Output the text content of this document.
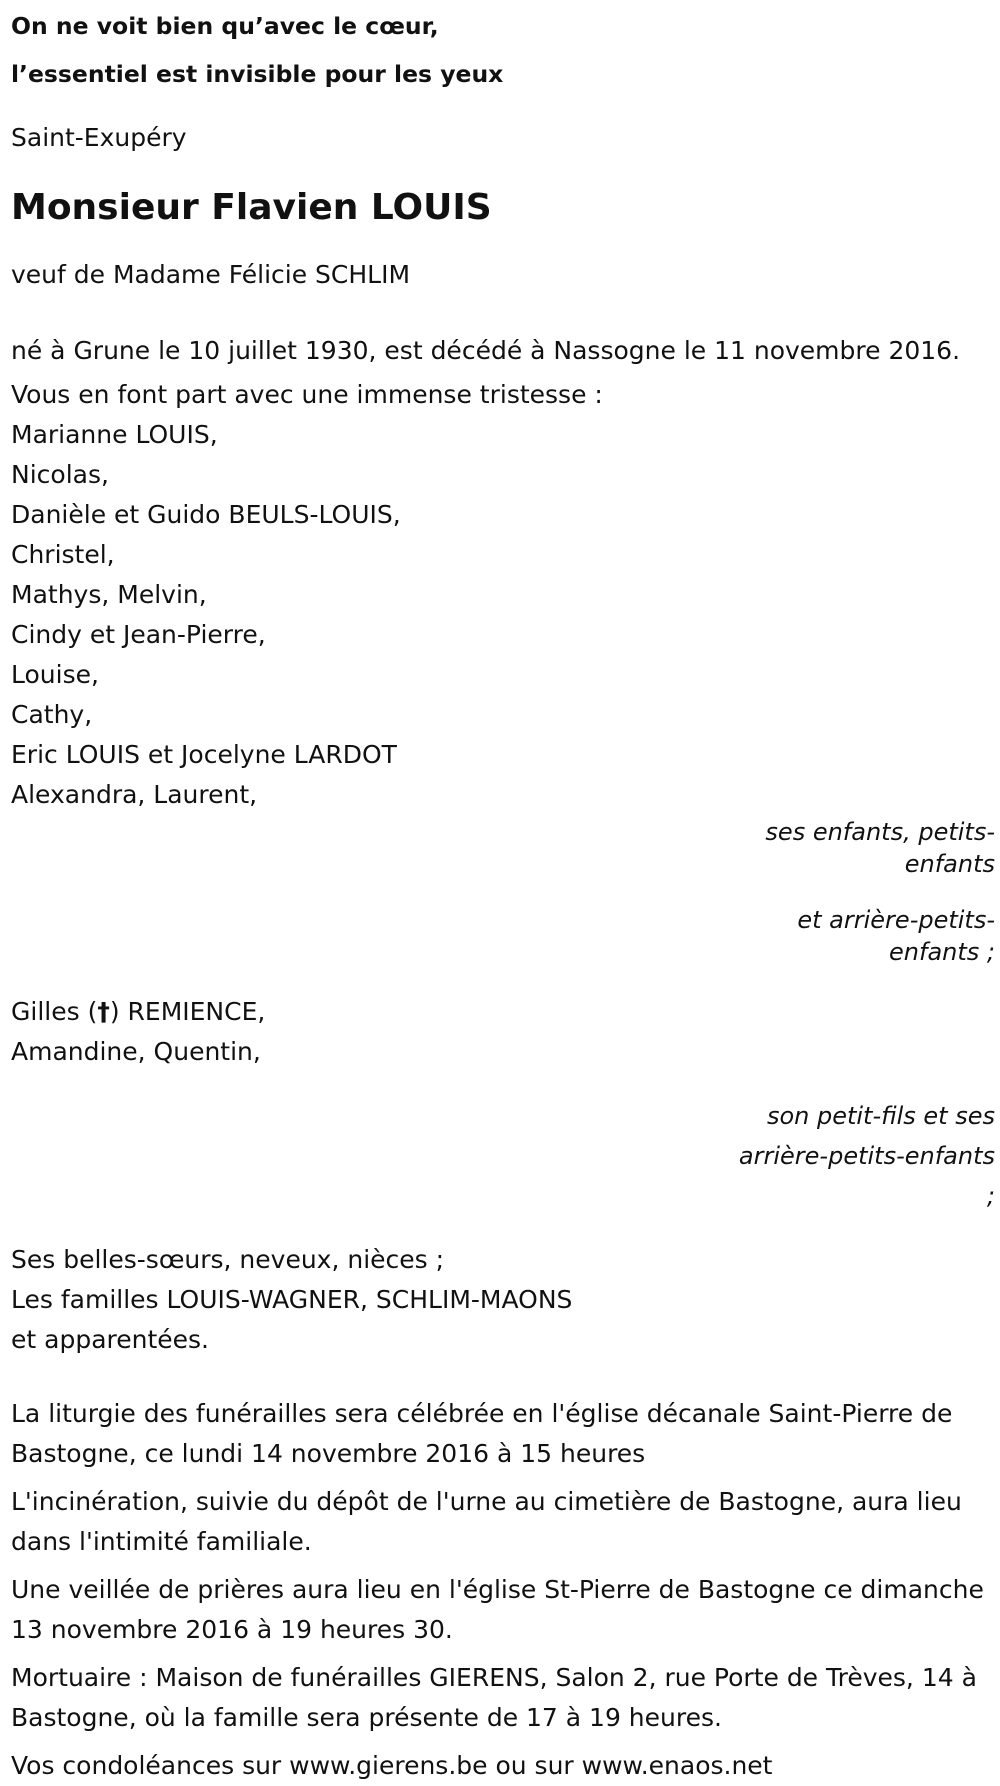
On ne voit bien qu’avec le cœur,

l’essentiel est invisible pour les yeux

Saint-Exupéry

Monsieur Flavien LOUIS

veuf de Madame Félicie SCHLIM

né à Grune le 10 juillet 1930, est décédé à Nassogne le 11 novembre 2016.

Vous en font part avec une immense tristesse :

Marianne LOUIS,

Nicolas,

Danièle et Guido BEULS-LOUIS,

Christel,

Mathys, Melvin,

Cindy et Jean-Pierre,

Louise,

Cathy,

Eric LOUIS et Jocelyne LARDOT

Alexandra, Laurent,

ses enfants, petits-enfants

et arrière-petits-enfants ;

Gilles (†) REMIENCE,

Amandine, Quentin,

son petit-fils et ses arrière-petits-enfants ;

Ses belles-sœurs, neveux, nièces ;

Les familles LOUIS-WAGNER, SCHLIM-MAONS

et apparentées.

La liturgie des funérailles sera célébrée en l'église décanale Saint-Pierre de Bastogne, ce lundi 14 novembre 2016 à 15 heures

L'incinération, suivie du dépôt de l'urne au cimetière de Bastogne, aura lieu dans l'intimité familiale.

Une veillée de prières aura lieu en l'église St-Pierre de Bastogne ce dimanche 13 novembre 2016 à 19 heures 30.

Mortuaire : Maison de funérailles GIERENS, Salon 2, rue Porte de Trèves, 14 à Bastogne, où la famille sera présente de 17 à 19 heures.

Vos condoléances sur www.gierens.be ou sur www.enaos.net
